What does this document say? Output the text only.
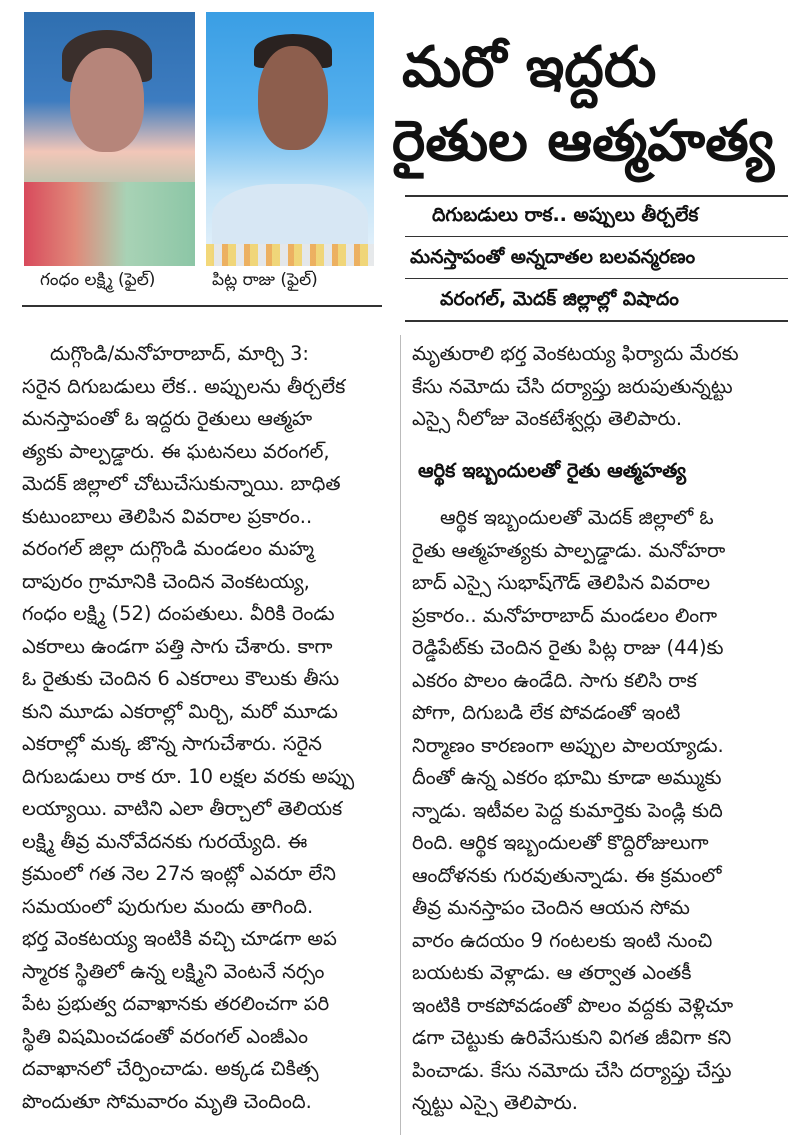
గంధం లక్ష్మి (ఫైల్)	పిట్ల రాజు (ఫైల్)
మరో ఇద్దరు
రైతుల ఆత్మహత్య
దిగుబడులు రాక.. అప్పులు తీర్చలేక
మనస్తాపంతో అన్నదాతల బలవన్మరణం
వరంగల్, మెదక్ జిల్లాల్లో విషాదం
దుగ్గొండి/మనోహరాబాద్, మార్చి 3:
సరైన దిగుబడులు లేక.. అప్పులను తీర్చలేక
మనస్తాపంతో ఓ ఇద్దరు రైతులు ఆత్మహ
త్యకు పాల్పడ్డారు. ఈ ఘటనలు వరంగల్,
మెదక్ జిల్లాలో చోటుచేసుకున్నాయి. బాధిత
కుటుంబాలు తెలిపిన వివరాల ప్రకారం..
వరంగల్ జిల్లా దుగ్గొండి మండలం మహ్మ
దాపురం గ్రామానికి చెందిన వెంకటయ్య,
గంధం లక్ష్మి (52) దంపతులు. వీరికి రెండు
ఎకరాలు ఉండగా పత్తి సాగు చేశారు. కాగా
ఓ రైతుకు చెందిన 6 ఎకరాలు కౌలుకు తీసు
కుని మూడు ఎకరాల్లో మిర్చి, మరో మూడు
ఎకరాల్లో మక్క జొన్న సాగుచేశారు. సరైన
దిగుబడులు రాక రూ. 10 లక్షల వరకు అప్పు
లయ్యాయి. వాటిని ఎలా తీర్చాలో తెలియక
లక్ష్మి తీవ్ర మనోవేదనకు గురయ్యేది. ఈ
క్రమంలో గత నెల 27న ఇంట్లో ఎవరూ లేని
సమయంలో పురుగుల మందు తాగింది.
భర్త వెంకటయ్య ఇంటికి వచ్చి చూడగా అప
స్మారక స్థితిలో ఉన్న లక్ష్మిని వెంటనే నర్సం
పేట ప్రభుత్వ దవాఖానకు తరలించగా పరి
స్థితి విషమించడంతో వరంగల్ ఎంజీఎం
దవాఖానలో చేర్పించాడు. అక్కడ చికిత్స
పొందుతూ సోమవారం మృతి చెందింది.
మృతురాలి భర్త వెంకటయ్య ఫిర్యాదు మేరకు
కేసు నమోదు చేసి దర్యాప్తు జరుపుతున్నట్టు
ఎస్సై నీలోజు వెంకటేశ్వర్లు తెలిపారు.
ఆర్థిక ఇబ్బందులతో రైతు ఆత్మహత్య
ఆర్థిక ఇబ్బందులతో మెదక్ జిల్లాలో ఓ
రైతు ఆత్మహత్యకు పాల్పడ్డాడు. మనోహరా
బాద్ ఎస్సై సుభాష్‌గౌడ్ తెలిపిన వివరాల
ప్రకారం.. మనోహరాబాద్ మండలం లింగా
రెడ్డిపేట్‌కు చెందిన రైతు పిట్ల రాజు (44)కు
ఎకరం పొలం ఉండేది. సాగు కలిసి రాక
పోగా, దిగుబడి లేక పోవడంతో ఇంటి
నిర్మాణం కారణంగా అప్పుల పాలయ్యాడు.
దీంతో ఉన్న ఎకరం భూమి కూడా అమ్ముకు
న్నాడు. ఇటీవల పెద్ద కుమార్తెకు పెండ్లి కుది
రింది. ఆర్థిక ఇబ్బందులతో కొద్దిరోజులుగా
ఆందోళనకు గురవుతున్నాడు. ఈ క్రమంలో
తీవ్ర మనస్తాపం చెందిన ఆయన సోమ
వారం ఉదయం 9 గంటలకు ఇంటి నుంచి
బయటకు వెళ్లాడు. ఆ తర్వాత ఎంతకీ
ఇంటికి రాకపోవడంతో పొలం వద్దకు వెళ్లిచూ
డగా చెట్టుకు ఉరివేసుకుని విగత జీవిగా కని
పించాడు. కేసు నమోదు చేసి దర్యాప్తు చేస్తు
న్నట్టు ఎస్సై తెలిపారు.
